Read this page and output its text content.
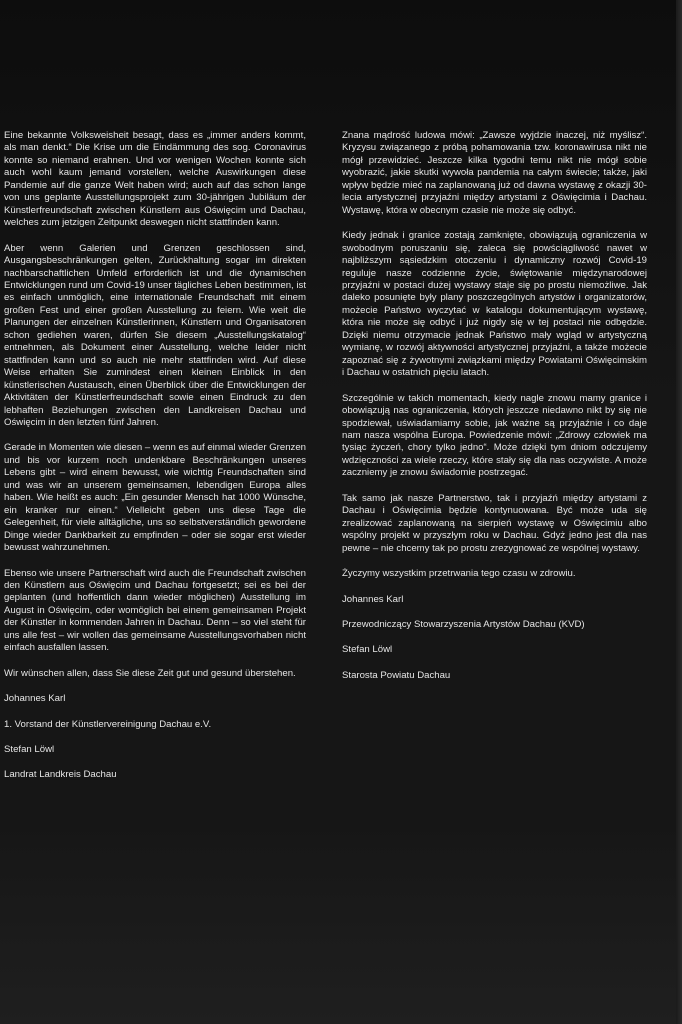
Eine bekannte Volksweisheit besagt, dass es „immer anders kommt, als man denkt.“ Die Krise um die Eindämmung des sog. Coronavirus konnte so niemand erahnen. Und vor wenigen Wochen konnte sich auch wohl kaum jemand vorstellen, welche Auswirkungen diese Pandemie auf die ganze Welt haben wird; auch auf das schon lange von uns geplante Ausstellungsprojekt zum 30-jährigen Jubiläum der Künstlerfreundschaft zwischen Künstlern aus Oświęcim und Dachau, welches zum jetzigen Zeitpunkt deswegen nicht stattfinden kann.

Aber wenn Galerien und Grenzen geschlossen sind, Ausgangsbeschränkungen gelten, Zurückhaltung sogar im direkten nachbarschaftlichen Umfeld erforderlich ist und die dynamischen Entwicklungen rund um Covid-19 unser tägliches Leben bestimmen, ist es einfach unmöglich, eine internationale Freundschaft mit einem großen Fest und einer großen Ausstellung zu feiern. Wie weit die Planungen der einzelnen Künstlerinnen, Künstlern und Organisatoren schon gediehen waren, dürfen Sie diesem „Ausstellungskatalog“ entnehmen, als Dokument einer Ausstellung, welche leider nicht stattfinden kann und so auch nie mehr stattfinden wird. Auf diese Weise erhalten Sie zumindest einen kleinen Einblick in den künstlerischen Austausch, einen Überblick über die Entwicklungen der Aktivitäten der Künstlerfreundschaft sowie einen Eindruck zu den lebhaften Beziehungen zwischen den Landkreisen Dachau und Oświęcim in den letzten fünf Jahren.

Gerade in Momenten wie diesen – wenn es auf einmal wieder Grenzen und bis vor kurzem noch undenkbare Beschränkungen unseres Lebens gibt – wird einem bewusst, wie wichtig Freundschaften sind und was wir an unserem gemeinsamen, lebendigen Europa alles haben. Wie heißt es auch: „Ein gesunder Mensch hat 1000 Wünsche, ein kranker nur einen.“ Vielleicht geben uns diese Tage die Gelegenheit, für viele alltägliche, uns so selbstverständlich gewordene Dinge wieder Dankbarkeit zu empfinden – oder sie sogar erst wieder bewusst wahrzunehmen.

Ebenso wie unsere Partnerschaft wird auch die Freundschaft zwischen den Künstlern aus Oświęcim und Dachau fortgesetzt; sei es bei der geplanten (und hoffentlich dann wieder möglichen) Ausstellung im August in Oświęcim, oder womöglich bei einem gemeinsamen Projekt der Künstler in kommenden Jahren in Dachau. Denn – so viel steht für uns alle fest – wir wollen das gemeinsame Ausstellungsvorhaben nicht einfach ausfallen lassen.

Wir wünschen allen, dass Sie diese Zeit gut und gesund überstehen.

Johannes Karl

1. Vorstand der Künstlervereinigung Dachau e.V.

Stefan Löwl

Landrat Landkreis Dachau

Znana mądrość ludowa mówi: „Zawsze wyjdzie inaczej, niż myślisz“. Kryzysu związanego z próbą pohamowania tzw. koronawirusa nikt nie mógł przewidzieć. Jeszcze kilka tygodni temu nikt nie mógł sobie wyobrazić, jakie skutki wywoła pandemia na całym świecie; także, jaki wpływ będzie mieć na zaplanowaną już od dawna wystawę z okazji 30-lecia artystycznej przyjaźni między artystami z Oświęcimia i Dachau. Wystawę, która w obecnym czasie nie może się odbyć.

Kiedy jednak i granice zostają zamknięte, obowiązują ograniczenia w swobodnym poruszaniu się, zaleca się powściągliwość nawet w najbliższym sąsiedzkim otoczeniu i dynamiczny rozwój Covid-19 reguluje nasze codzienne życie, świętowanie międzynarodowej przyjaźni w postaci dużej wystawy staje się po prostu niemożliwe. Jak daleko posunięte były plany poszczególnych artystów i organizatorów, możecie Państwo wyczytać w katalogu dokumentującym wystawę, która nie może się odbyć i już nigdy się w tej postaci nie odbędzie. Dzięki niemu otrzymacie jednak Państwo mały wgląd w artystyczną wymianę, w rozwój aktywności artystycznej przyjaźni, a także możecie zapoznać się z żywotnymi związkami między Powiatami Oświęcimskim i Dachau w ostatnich pięciu latach.

Szczególnie w takich momentach, kiedy nagle znowu mamy granice i obowiązują nas ograniczenia, których jeszcze niedawno nikt by się nie spodziewał, uświadamiamy sobie, jak ważne są przyjaźnie i co daje nam nasza wspólna Europa. Powiedzenie mówi: „Zdrowy człowiek ma tysiąc życzeń, chory tylko jedno“. Może dzięki tym dniom odczujemy wdzięczności za wiele rzeczy, które stały się dla nas oczywiste. A może zaczniemy je znowu świadomie postrzegać.

Tak samo jak nasze Partnerstwo, tak i przyjaźń między artystami z Dachau i Oświęcimia będzie kontynuowana. Być może uda się zrealizować zaplanowaną na sierpień wystawę w Oświęcimiu albo wspólny projekt w przyszłym roku w Dachau. Gdyż jedno jest dla nas pewne – nie chcemy tak po prostu zrezygnować ze wspólnej wystawy.

Życzymy wszystkim przetrwania tego czasu w zdrowiu.

Johannes Karl

Przewodniczący Stowarzyszenia Artystów Dachau (KVD)

Stefan Löwl

Starosta Powiatu Dachau
